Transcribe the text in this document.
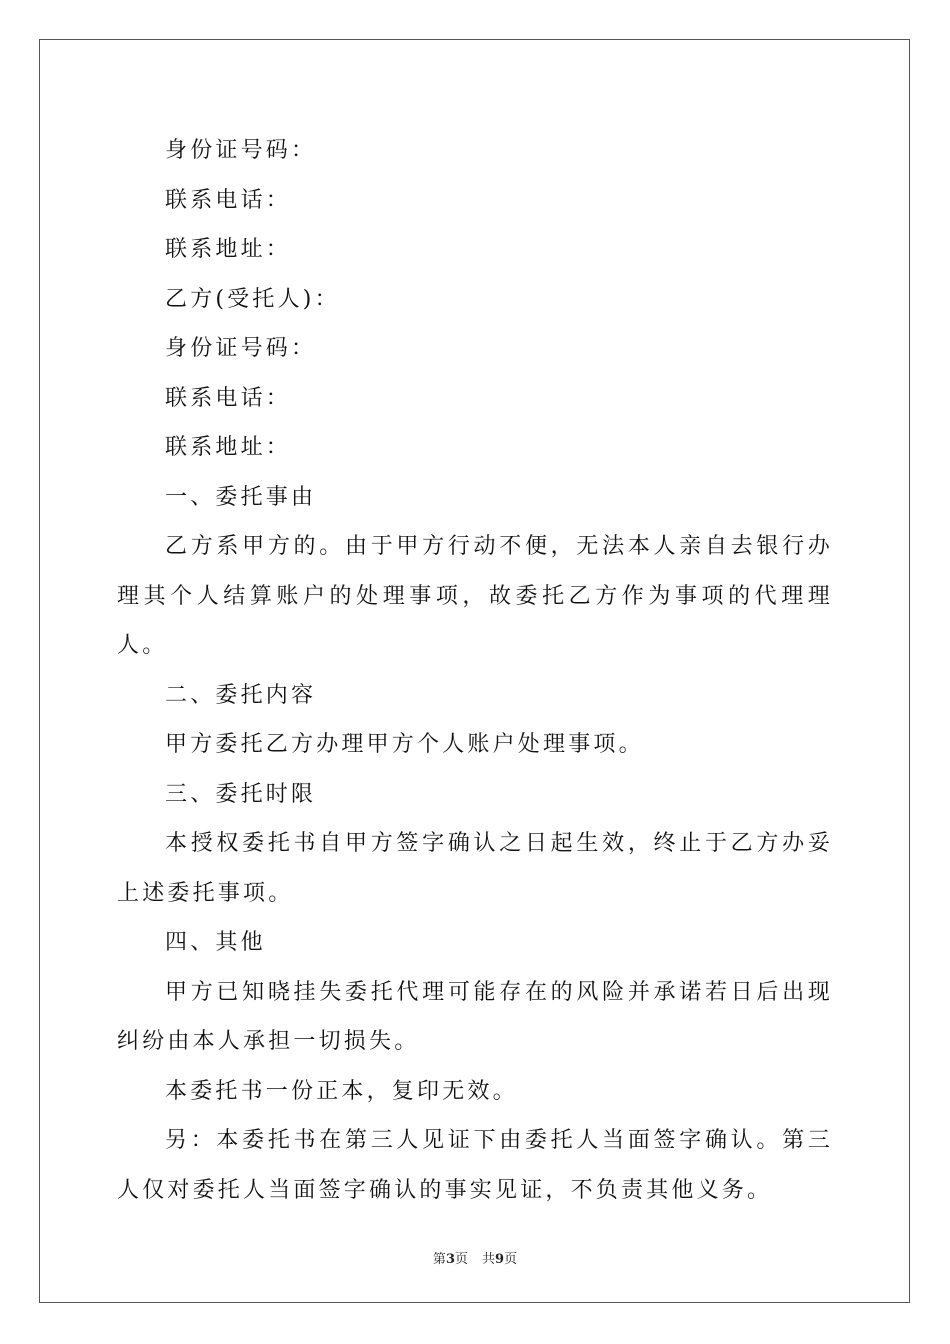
身份证号码：

联系电话：

联系地址：

乙方(受托人)：

身份证号码：

联系电话：

联系地址：

一、委托事由

乙方系甲方的。由于甲方行动不便，无法本人亲自去银行办理其个人结算账户的处理事项，故委托乙方作为事项的代理理人。

二、委托内容

甲方委托乙方办理甲方个人账户处理事项。

三、委托时限

本授权委托书自甲方签字确认之日起生效，终止于乙方办妥上述委托事项。

四、其他

甲方已知晓挂失委托代理可能存在的风险并承诺若日后出现纠纷由本人承担一切损失。

本委托书一份正本，复印无效。

另：本委托书在第三人见证下由委托人当面签字确认。第三人仅对委托人当面签字确认的事实见证，不负责其他义务。

第3页 共9页
